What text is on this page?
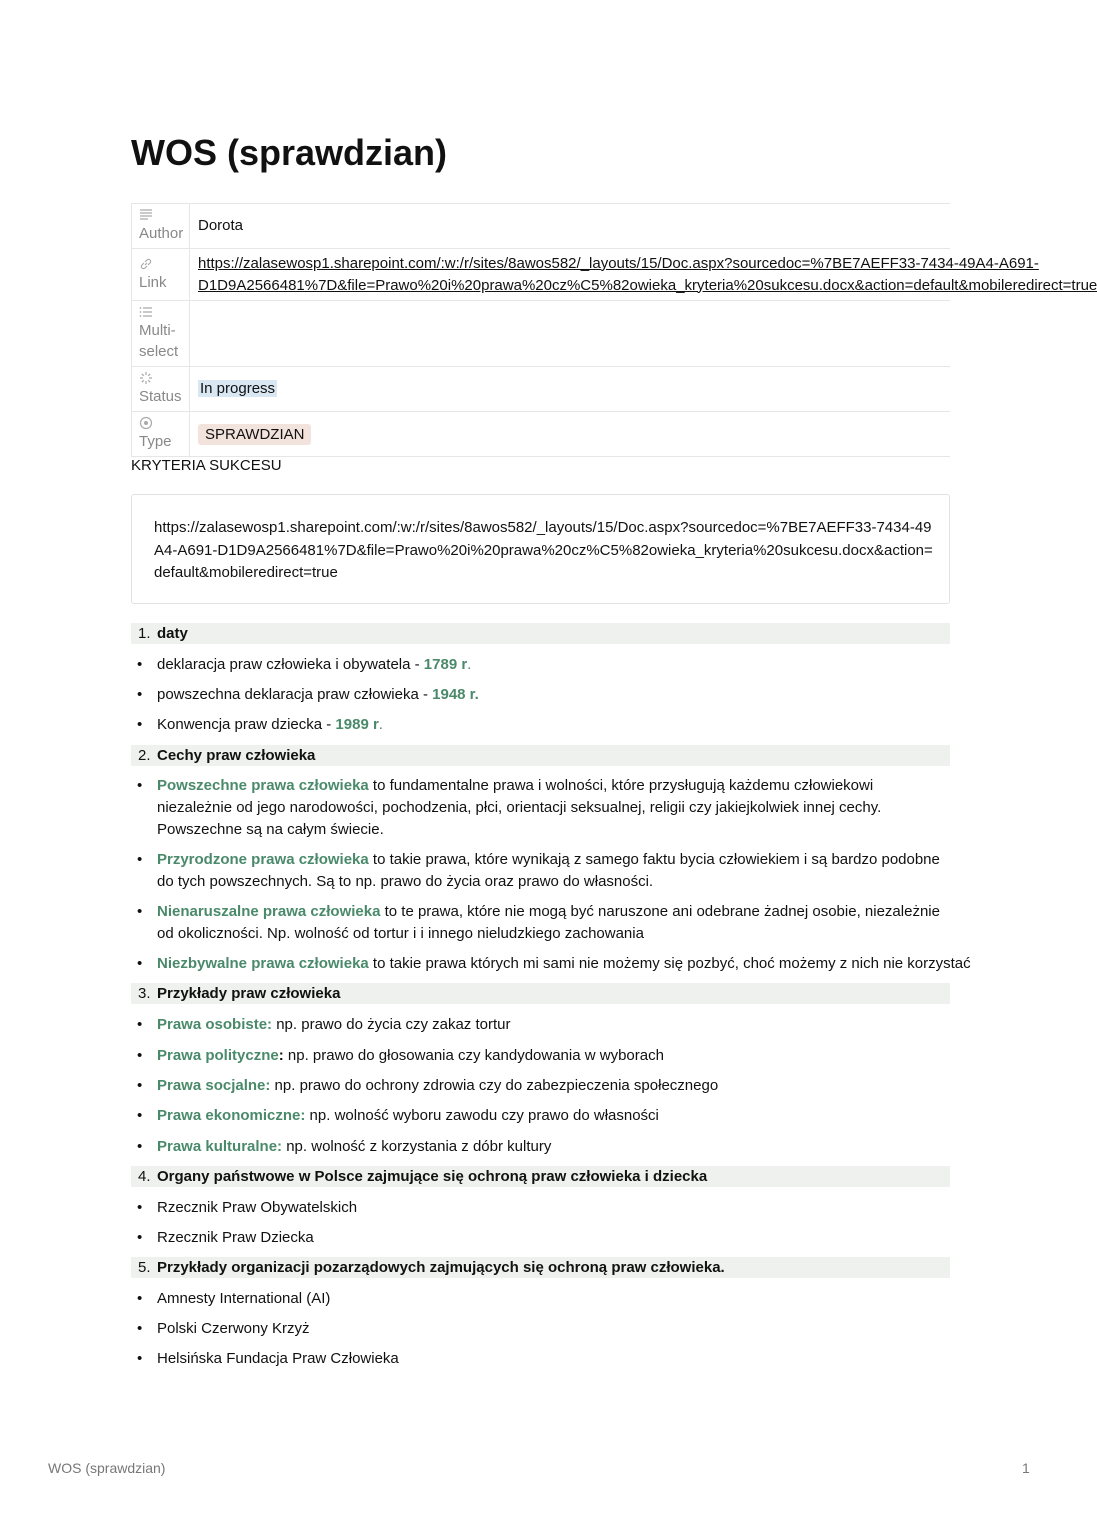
WOS (sprawdzian)
Author	Dorota

Link	https://zalasewosp1.sharepoint.com/:w:/r/sites/8awos582/_layouts/15/Doc.aspx?sourcedoc=%7BE7AEFF33-7434-49A4-A691-
D1D9A2566481%7D&file=Prawo%20i%20prawa%20cz%C5%82owieka_kryteria%20sukcesu.docx&action=default&mobileredirect=true

Multi-select	

Status	In progress

Type	SPRAWDZIAN
KRYTERIA SUKCESU

https://zalasewosp1.sharepoint.com/:w:/r/sites/8awos582/_layouts/15/Doc.aspx?sourcedoc=%7BE7AEFF33-7434-49A4-A691-D1D9A2566481%7D&file=Prawo%20i%20prawa%20cz%C5%82owieka_kryteria%20sukcesu.docx&action=default&mobileredirect=true

1. daty
• deklaracja praw człowieka i obywatela - 1789 r.
• powszechna deklaracja praw człowieka - 1948 r.
• Konwencja praw dziecka - 1989 r.
2. Cechy praw człowieka
• Powszechne prawa człowieka to fundamentalne prawa i wolności, które przysługują każdemu człowiekowi niezależnie od jego narodowości, pochodzenia, płci, orientacji seksualnej, religii czy jakiejkolwiek innej cechy. Powszechne są na całym świecie.
• Przyrodzone prawa człowieka to takie prawa, które wynikają z samego faktu bycia człowiekiem i są bardzo podobne do tych powszechnych. Są to np. prawo do życia oraz prawo do własności.
• Nienaruszalne prawa człowieka to te prawa, które nie mogą być naruszone ani odebrane żadnej osobie, niezależnie od okoliczności. Np. wolność od tortur i i innego nieludzkiego zachowania
• Niezbywalne prawa człowieka to takie prawa których mi sami nie możemy się pozbyć, choć możemy z nich nie korzystać
3. Przykłady praw człowieka
• Prawa osobiste: np. prawo do życia czy zakaz tortur
• Prawa polityczne: np. prawo do głosowania czy kandydowania w wyborach
• Prawa socjalne: np. prawo do ochrony zdrowia czy do zabezpieczenia społecznego
• Prawa ekonomiczne: np. wolność wyboru zawodu czy prawo do własności
• Prawa kulturalne: np. wolność z korzystania z dóbr kultury
4. Organy państwowe w Polsce zajmujące się ochroną praw człowieka i dziecka
• Rzecznik Praw Obywatelskich
• Rzecznik Praw Dziecka
5. Przykłady organizacji pozarządowych zajmujących się ochroną praw człowieka.
• Amnesty International (AI)
• Polski Czerwony Krzyż
• Helsińska Fundacja Praw Człowieka
WOS (sprawdzian)	1
